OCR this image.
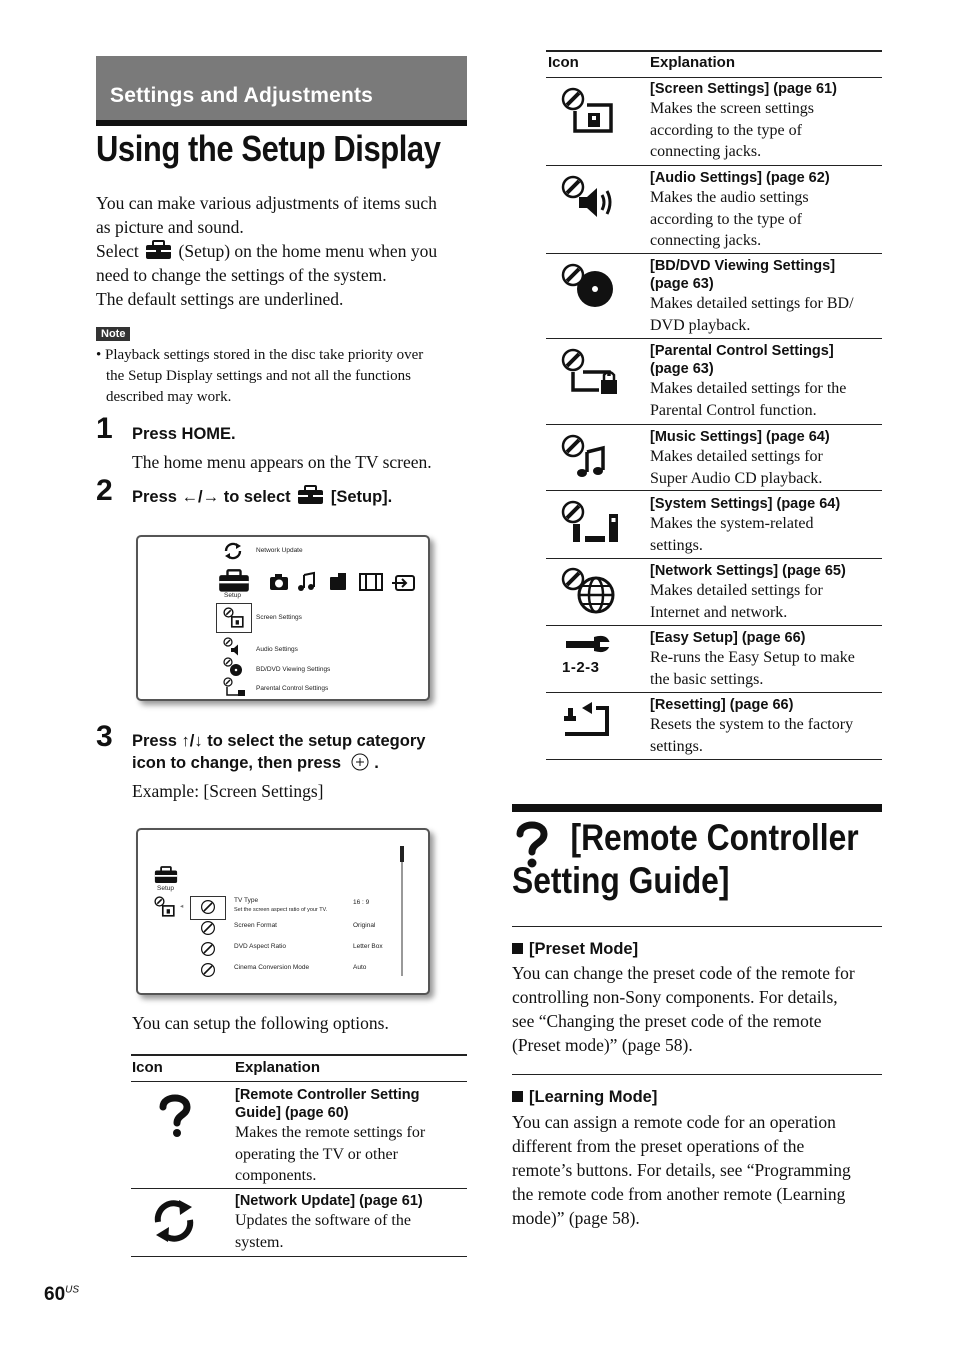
Settings and Adjustments
Using the Setup Display
You can make various adjustments of items such
as picture and sound.
Select (Setup) on the home menu when you
need to change the settings of the system.
The default settings are underlined.
Note
• Playback settings stored in the disc take priority over
the Setup Display settings and not all the functions
described may work.
1 Press HOME.
The home menu appears on the TV screen.
2 Press ←/→ to select [Setup].
Network Update
Setup
Screen Settings
Audio Settings
BD/DVD Viewing Settings
Parental Control Settings
3 Press ↑/↓ to select the setup category
icon to change, then press .
Example: [Screen Settings]
Setup
◂
TV Type
Set the screen aspect ratio of your TV.
16 : 9
Screen Format	Original
DVD Aspect Ratio	Letter Box
Cinema Conversion Mode	Auto
You can setup the following options.
Icon	Explanation
[Remote Controller Setting
Guide] (page 60)
Makes the remote settings for
operating the TV or other
components.
[Network Update] (page 61)
Updates the software of the
system.
$60^{US}$
Icon	Explanation
[Screen Settings] (page 61)
Makes the screen settings
according to the type of
connecting jacks.
[Audio Settings] (page 62)
Makes the audio settings
according to the type of
connecting jacks.
[BD/DVD Viewing Settings]
(page 63)
Makes detailed settings for BD/
DVD playback.
[Parental Control Settings]
(page 63)
Makes detailed settings for the
Parental Control function.
[Music Settings] (page 64)
Makes detailed settings for
Super Audio CD playback.
[System Settings] (page 64)
Makes the system-related
settings.
[Network Settings] (page 65)
Makes detailed settings for
Internet and network.
1-2-3
[Easy Setup] (page 66)
Re-runs the Easy Setup to make
the basic settings.
[Resetting] (page 66)
Resets the system to the factory
settings.
[Remote Controller
Setting Guide]
[Preset Mode]
You can change the preset code of the remote for
controlling non-Sony components. For details,
see “Changing the preset code of the remote
(Preset mode)” (page 58).
[Learning Mode]
You can assign a remote code for an operation
different from the preset operations of the
remote’s buttons. For details, see “Programming
the remote code from another remote (Learning
mode)” (page 58).
